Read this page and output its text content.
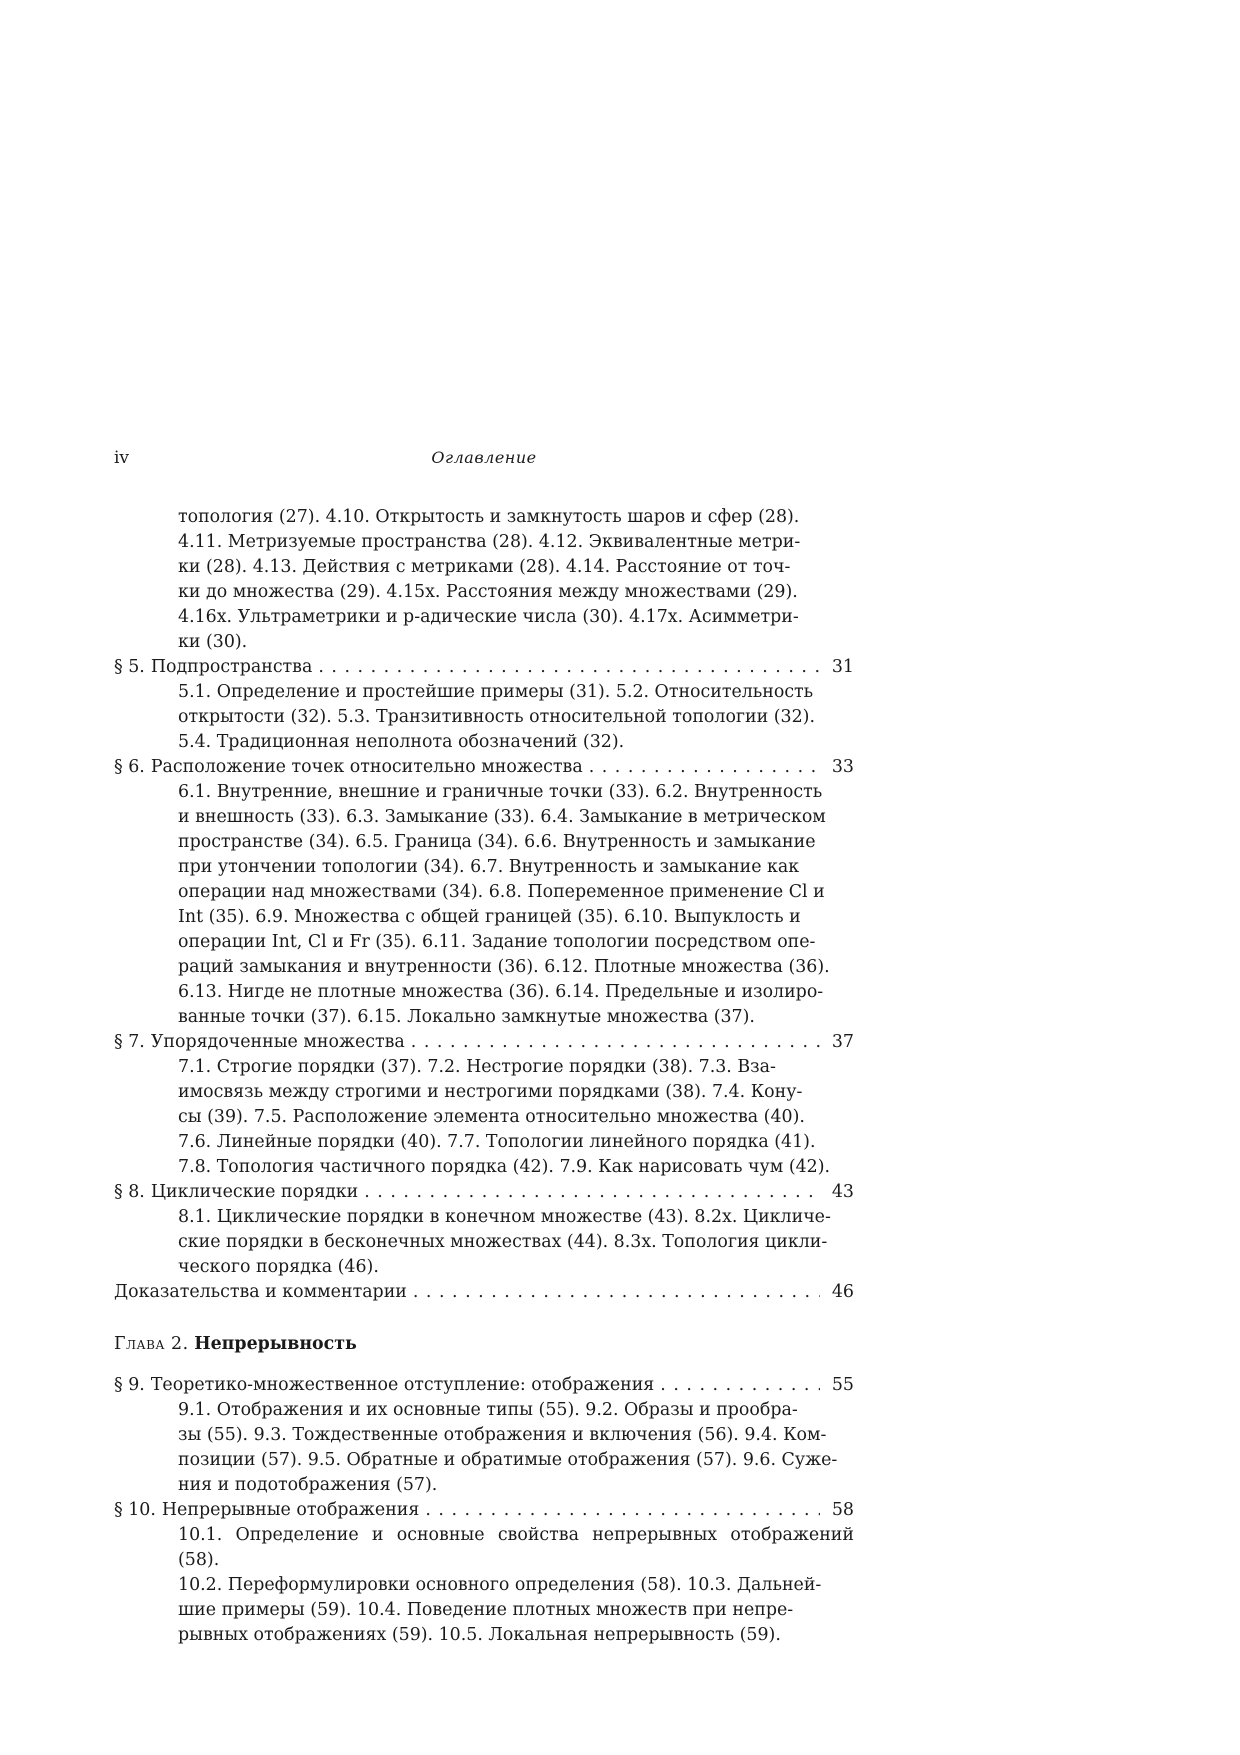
iv	Оглавление
топология (27). 4.10. Открытость и замкнутость шаров и сфер (28).
4.11. Метризуемые пространства (28). 4.12. Эквивалентные метри-
ки (28). 4.13. Действия с метриками (28). 4.14. Расстояние от точ-
ки до множества (29). 4.15x. Расстояния между множествами (29).
4.16x. Ультраметрики и p-адические числа (30). 4.17x. Асимметри-
ки (30).
§ 5. Подпространства . . .	31
5.1. Определение и простейшие примеры (31). 5.2. Относительность
открытости (32). 5.3. Транзитивность относительной топологии (32).
5.4. Традиционная неполнота обозначений (32).
§ 6. Расположение точек относительно множества . . .	33
6.1. Внутренние, внешние и граничные точки (33). 6.2. Внутренность
и внешность (33). 6.3. Замыкание (33). 6.4. Замыкание в метрическом
пространстве (34). 6.5. Граница (34). 6.6. Внутренность и замыкание
при утончении топологии (34). 6.7. Внутренность и замыкание как
операции над множествами (34). 6.8. Попеременное применение Cl и
Int (35). 6.9. Множества с общей границей (35). 6.10. Выпуклость и
операции Int, Cl и Fr (35). 6.11. Задание топологии посредством опе-
раций замыкания и внутренности (36). 6.12. Плотные множества (36).
6.13. Нигде не плотные множества (36). 6.14. Предельные и изолиро-
ванные точки (37). 6.15. Локально замкнутые множества (37).
§ 7. Упорядоченные множества . . .	37
7.1. Строгие порядки (37). 7.2. Нестрогие порядки (38). 7.3. Вза-
имосвязь между строгими и нестрогими порядками (38). 7.4. Кону-
сы (39). 7.5. Расположение элемента относительно множества (40).
7.6. Линейные порядки (40). 7.7. Топологии линейного порядка (41).
7.8. Топология частичного порядка (42). 7.9. Как нарисовать чум (42).
§ 8. Циклические порядки . . .	43
8.1. Циклические порядки в конечном множестве (43). 8.2x. Цикличе-
ские порядки в бесконечных множествах (44). 8.3x. Топология цикли-
ческого порядка (46).
Доказательства и комментарии . . .	46
Глава 2. Непрерывность
§ 9. Теоретико-множественное отступление: отображения . . .	55
9.1. Отображения и их основные типы (55). 9.2. Образы и прообра-
зы (55). 9.3. Тождественные отображения и включения (56). 9.4. Ком-
позиции (57). 9.5. Обратные и обратимые отображения (57). 9.6. Суже-
ния и подотображения (57).
§ 10. Непрерывные отображения . . .	58
10.1. Определение и основные свойства непрерывных отображений (58).
10.2. Переформулировки основного определения (58). 10.3. Дальней-
шие примеры (59). 10.4. Поведение плотных множеств при непре-
рывных отображениях (59). 10.5. Локальная непрерывность (59).
